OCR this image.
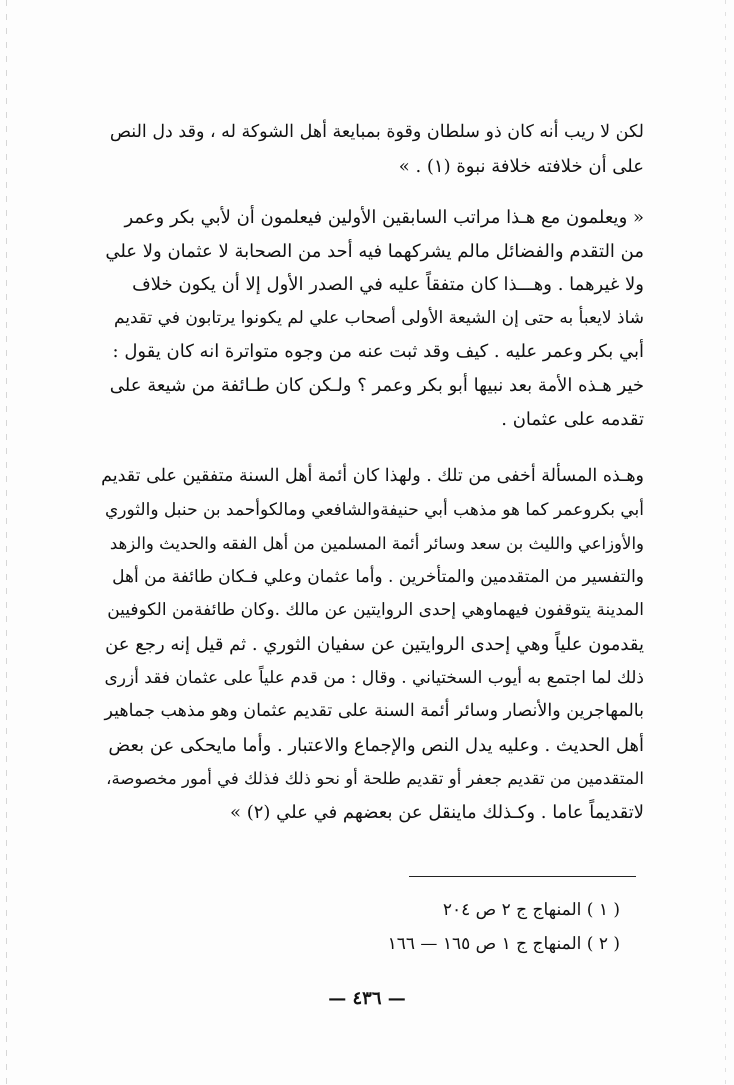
لكن لا ريب أنه كان ذو سلطان وقوة بمبايعة أهل الشوكة له ، وقد دل النص
على أن خلافته خلافة نبوة (١) . »
« ويعلمون مع هـذا مراتب السابقين الأولين فيعلمون أن لأبي بكر وعمر
من التقدم والفضائل مالم يشركهما فيه أحد من الصحابة لا عثمان ولا علي
ولا غيرهما . وهـــذا كان متفقاً عليه في الصدر الأول إلا أن يكون خلاف
شاذ لايعبأ به حتى إن الشيعة الأولى أصحاب علي لم يكونوا يرتابون في تقديم
أبي بكر وعمر عليه . كيف وقد ثبت عنه من وجوه متواترة انه كان يقول :
خير هـذه الأمة بعد نبيها أبو بكر وعمر ؟ ولـكن كان طـائفة من شيعة على
تقدمه على عثمان .
وهـذه المسألة أخفى من تلك . ولهذا كان أئمة أهل السنة متفقين على تقديم
أبي بكروعمر كما هو مذهب أبي حنيفةوالشافعي ومالكوأحمد بن حنبل والثوري
والأوزاعي والليث بن سعد وسائر أئمة المسلمين من أهل الفقه والحديث والزهد
والتفسير من المتقدمين والمتأخرين . وأما عثمان وعلي فـكان طائفة من أهل
المدينة يتوقفون فيهماوهي إحدى الروايتين عن مالك .وكان طائفةمن الكوفيين
يقدمون علياً وهي إحدى الروايتين عن سفيان الثوري . ثم قيل إنه رجع عن
ذلك لما اجتمع به أيوب السختياني . وقال : من قدم علياً على عثمان فقد أزرى
بالمهاجرين والأنصار وسائر أئمة السنة على تقديم عثمان وهو مذهب جماهير
أهل الحديث . وعليه يدل النص والإجماع والاعتبار . وأما مايحكى عن بعض
المتقدمين من تقديم جعفر أو تقديم طلحة أو نحو ذلك فذلك في أمور مخصوصة،
لاتقديماً عاما . وكـذلك ماينقل عن بعضهم في علي (٢) »
( ١ ) المنهاج ج ٢ ص ٢٠٤
( ٢ ) المنهاج ج ١ ص ١٦٥ — ١٦٦
— ٤٣٦ —
